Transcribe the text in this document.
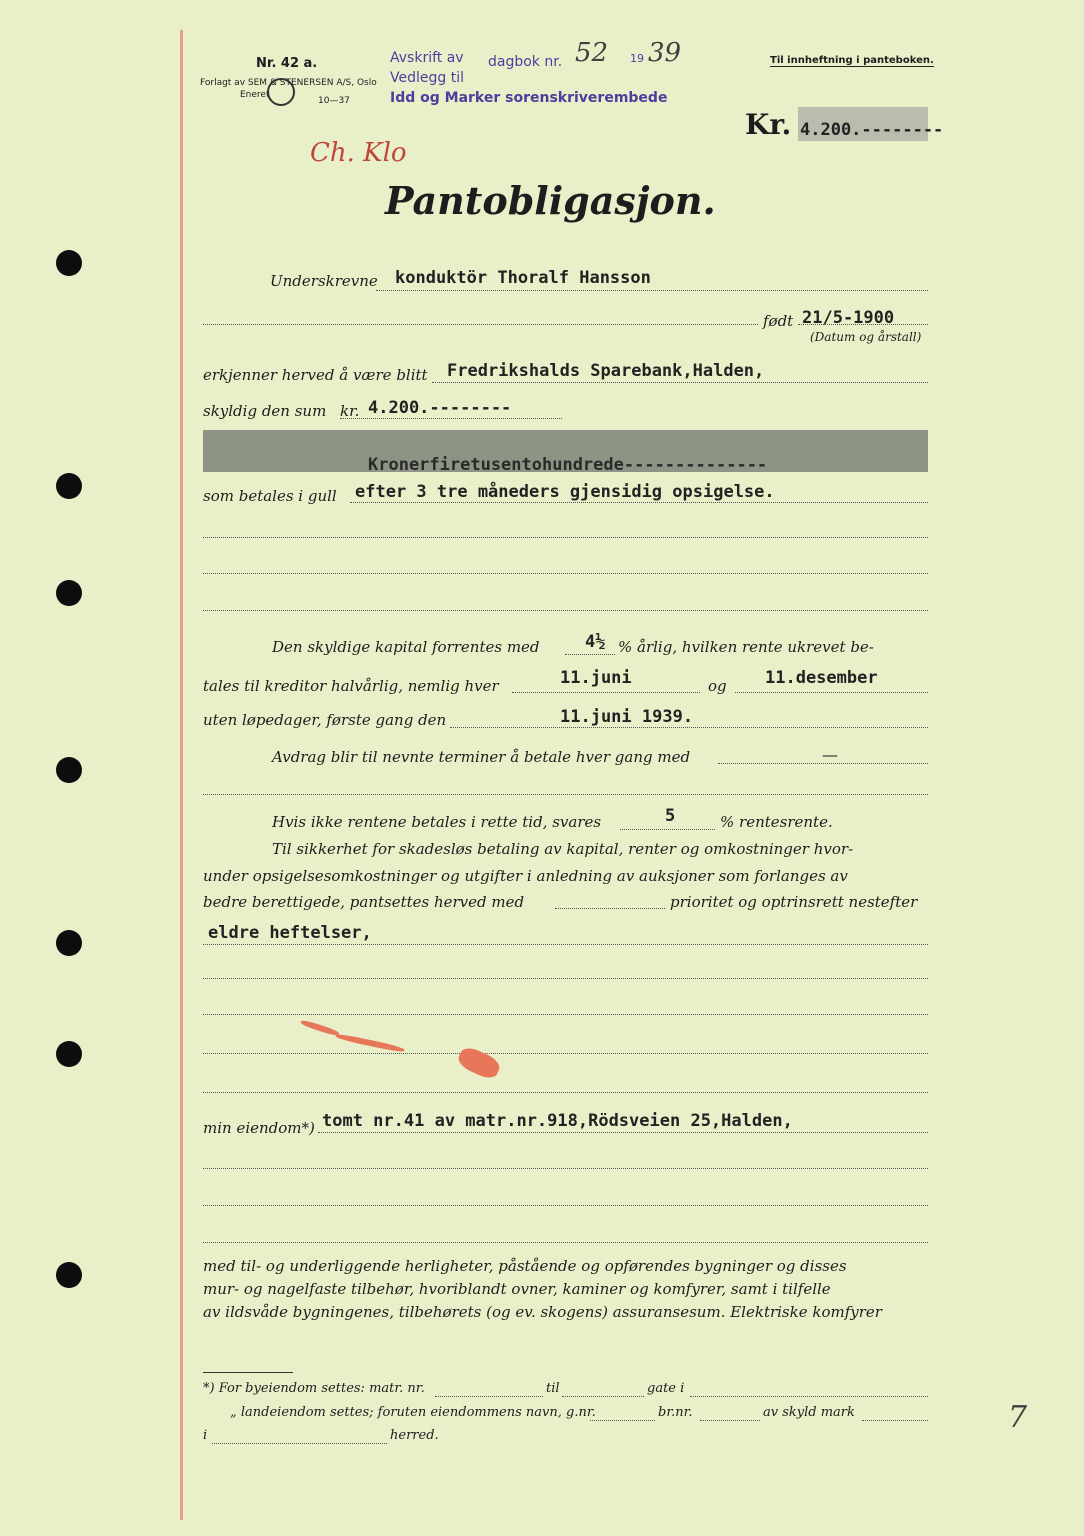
Nr. 42 a.
Forlagt av SEM & STENERSEN A/S, Oslo
Eneret
10—37
Avskrift av dagbok nr. 52 19 39
Vedlegg til
Idd og Marker sorenskriverembede
Til innheftning i panteboken.
Kr. 4.200.--------
Ch. Klo
Pantobligasjon.
Underskrevne konduktör Thoralf Hansson
født 21/5-1900
(Datum og årstall)
erkjenner herved å være blitt Fredrikshalds Sparebank,Halden,
skyldig den sum kr. 4.200.--------
Kronerfiretusentohundrede--------------
som betales i gull efter 3 tre måneders gjensidig opsigelse.
Den skyldige kapital forrentes med	4½ % årlig, hvilken rente ukrevet be-
tales til kreditor halvårlig, nemlig hver	11.juni	og 11.desember
uten løpedager, første gang den	11.juni 1939.
Avdrag blir til nevnte terminer å betale hver gang med	—
Hvis ikke rentene betales i rette tid, svares	5	% rentesrente.
Til sikkerhet for skadesløs betaling av kapital, renter og omkostninger hvor-
under opsigelsesomkostninger og utgifter i anledning av auksjoner som forlanges av
bedre berettigede, pantsettes herved med	prioritet og optrinsrett nestefter
eldre heftelser,
min eiendom*) tomt nr.41 av matr.nr.918,Rödsveien 25,Halden,
med til- og underliggende herligheter, påstående og opførendes bygninger og disses
mur- og nagelfaste tilbehør, hvoriblandt ovner, kaminer og komfyrer, samt i tilfelle
av ildsvåde bygningenes, tilbehørets (og ev. skogens) assuransesum. Elektriske komfyrer
*) For byeiendom settes: matr. nr.	til	gate i
„ landeiendom settes; foruten eiendommens navn, g.nr.	br.nr.	av skyld mark
i	herred.
7
